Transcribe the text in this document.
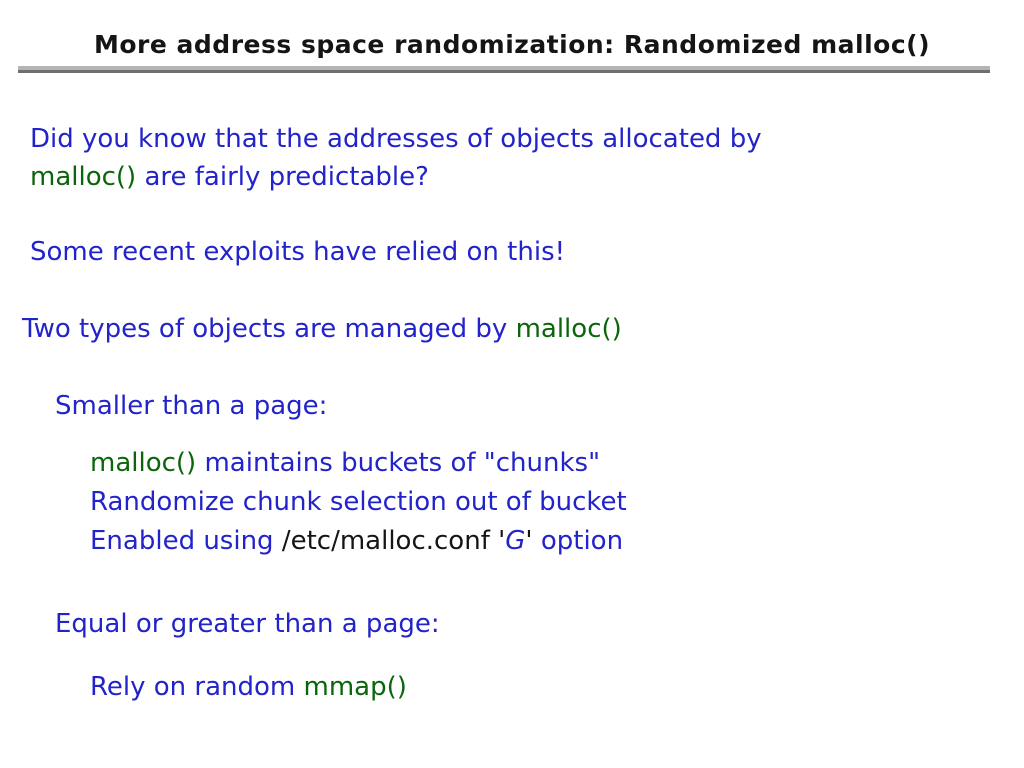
More address space randomization: Randomized malloc()
Did you know that the addresses of objects allocated by
malloc() are fairly predictable?
Some recent exploits have relied on this!
Two types of objects are managed by malloc()
Smaller than a page:
malloc() maintains buckets of "chunks"
Randomize chunk selection out of bucket
Enabled using /etc/malloc.conf 'G' option
Equal or greater than a page:
Rely on random mmap()
